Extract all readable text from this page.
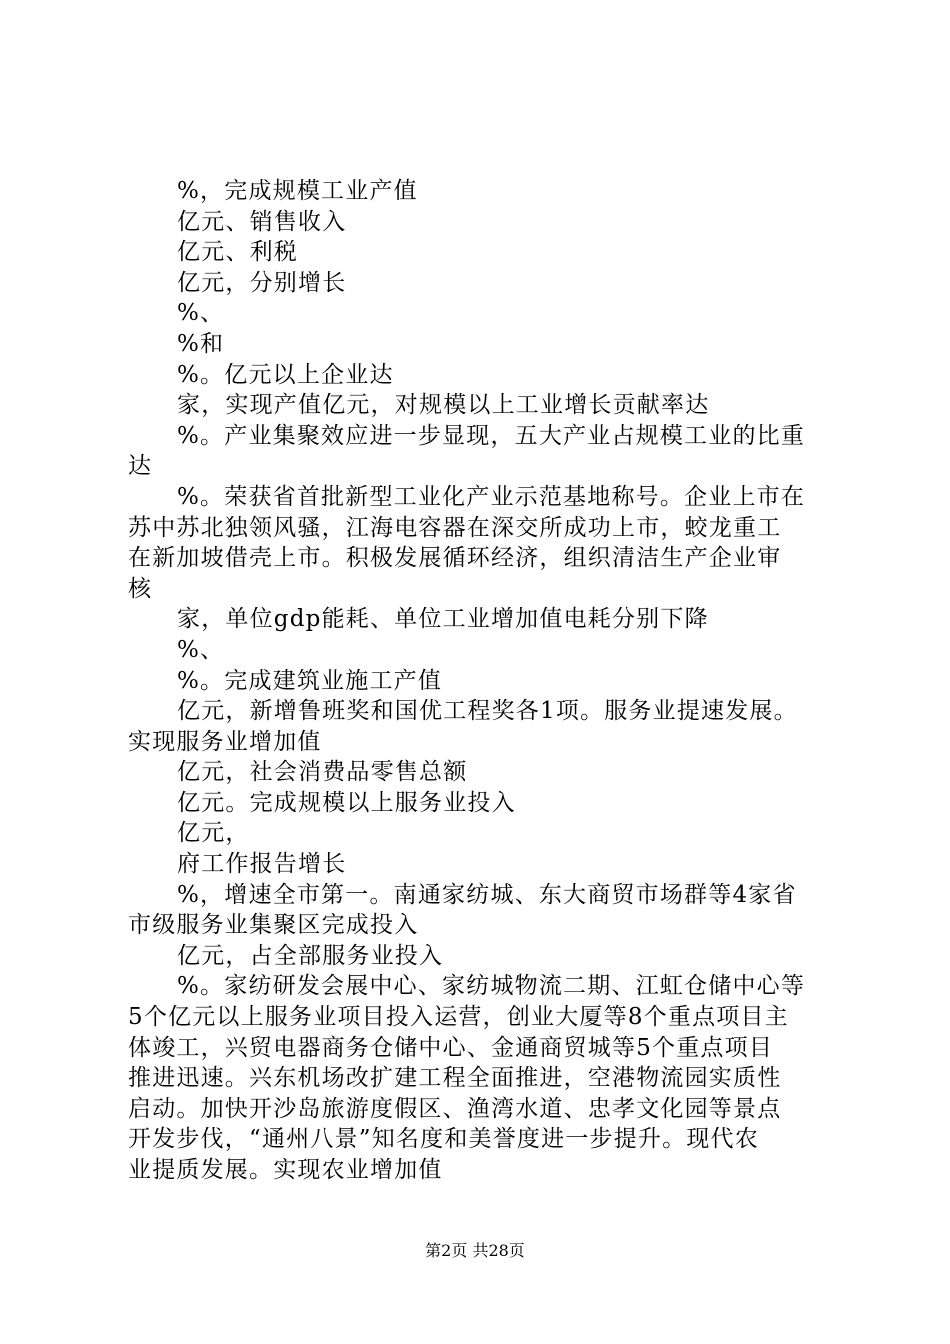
%，完成规模工业产值
亿元、销售收入
亿元、利税
亿元，分别增长
%、
%和
%。亿元以上企业达
家，实现产值亿元，对规模以上工业增长贡献率达
%。产业集聚效应进一步显现，五大产业占规模工业的比重
达
%。荣获省首批新型工业化产业示范基地称号。企业上市在
苏中苏北独领风骚，江海电容器在深交所成功上市，蛟龙重工
在新加坡借壳上市。积极发展循环经济，组织清洁生产企业审
核
家，单位gdp能耗、单位工业增加值电耗分别下降
%、
%。完成建筑业施工产值
亿元，新增鲁班奖和国优工程奖各1项。服务业提速发展。
实现服务业增加值
亿元，社会消费品零售总额
亿元。完成规模以上服务业投入
亿元，
府工作报告增长
%，增速全市第一。南通家纺城、东大商贸市场群等4家省
市级服务业集聚区完成投入
亿元，占全部服务业投入
%。家纺研发会展中心、家纺城物流二期、江虹仓储中心等
5个亿元以上服务业项目投入运营，创业大厦等8个重点项目主
体竣工，兴贸电器商务仓储中心、金通商贸城等5个重点项目
推进迅速。兴东机场改扩建工程全面推进，空港物流园实质性
启动。加快开沙岛旅游度假区、渔湾水道、忠孝文化园等景点
开发步伐，“通州八景”知名度和美誉度进一步提升。现代农
业提质发展。实现农业增加值
第2页 共28页
